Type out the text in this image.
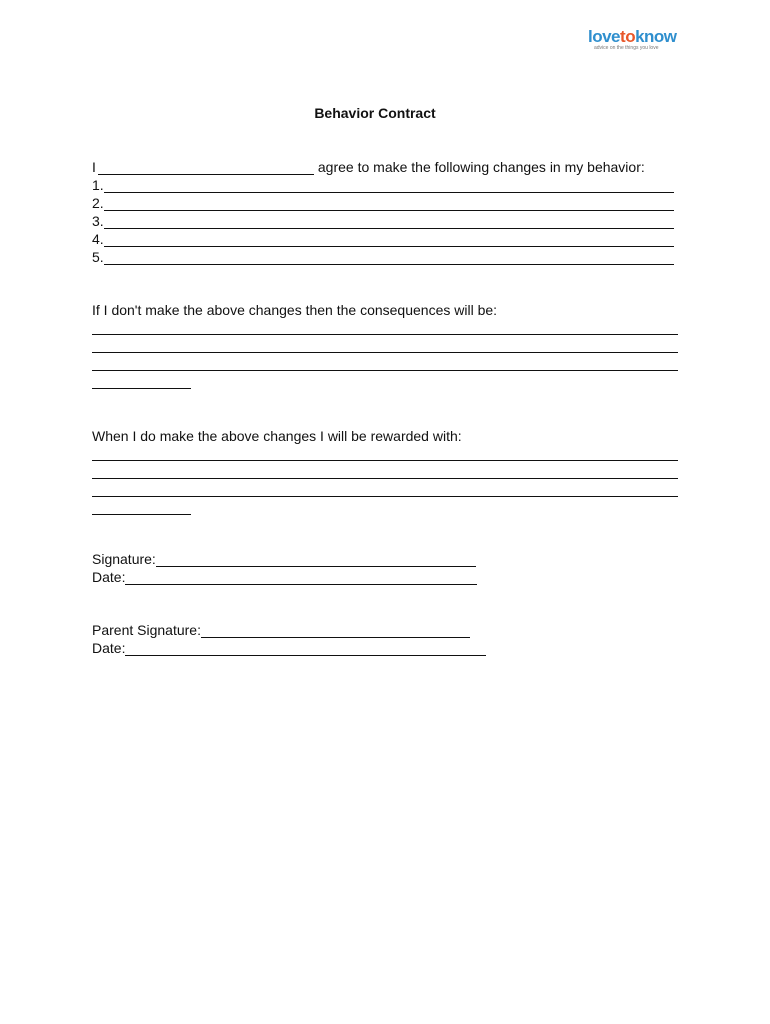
lovetoknow
advice on the things you love
Behavior Contract
I	agree to make the following changes in my behavior:
1.
2.
3.
4.
5.
If I don't make the above changes then the consequences will be:
When I do make the above changes I will be rewarded with:
Signature:
Date:
Parent Signature:
Date:
